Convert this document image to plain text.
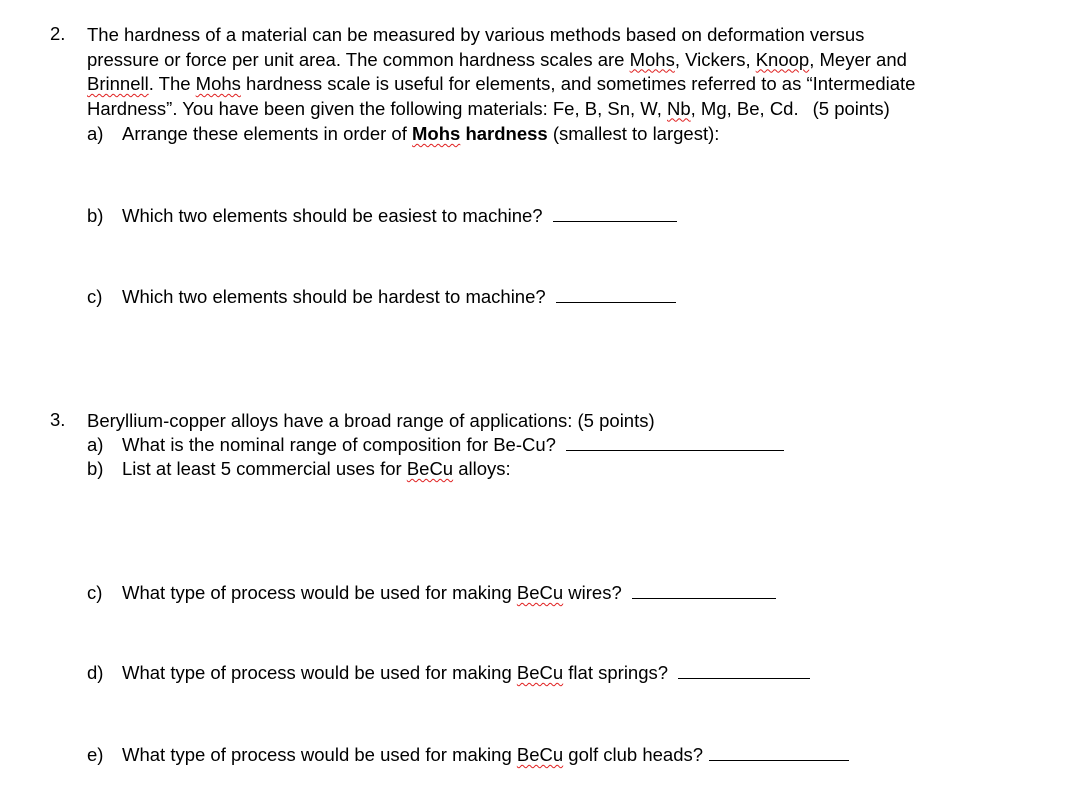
2. The hardness of a material can be measured by various methods based on deformation versus
pressure or force per unit area. The common hardness scales are Mohs, Vickers, Knoop, Meyer and
Brinnell. The Mohs hardness scale is useful for elements, and sometimes referred to as “Intermediate
Hardness”. You have been given the following materials: Fe, B, Sn, W, Nb, Mg, Be, Cd. (5 points)
a) Arrange these elements in order of Mohs hardness (smallest to largest):
b) Which two elements should be easiest to machine?
c) Which two elements should be hardest to machine?
3. Beryllium-copper alloys have a broad range of applications: (5 points)
a) What is the nominal range of composition for Be-Cu?
b) List at least 5 commercial uses for BeCu alloys:
c) What type of process would be used for making BeCu wires?
d) What type of process would be used for making BeCu flat springs?
e) What type of process would be used for making BeCu golf club heads?
